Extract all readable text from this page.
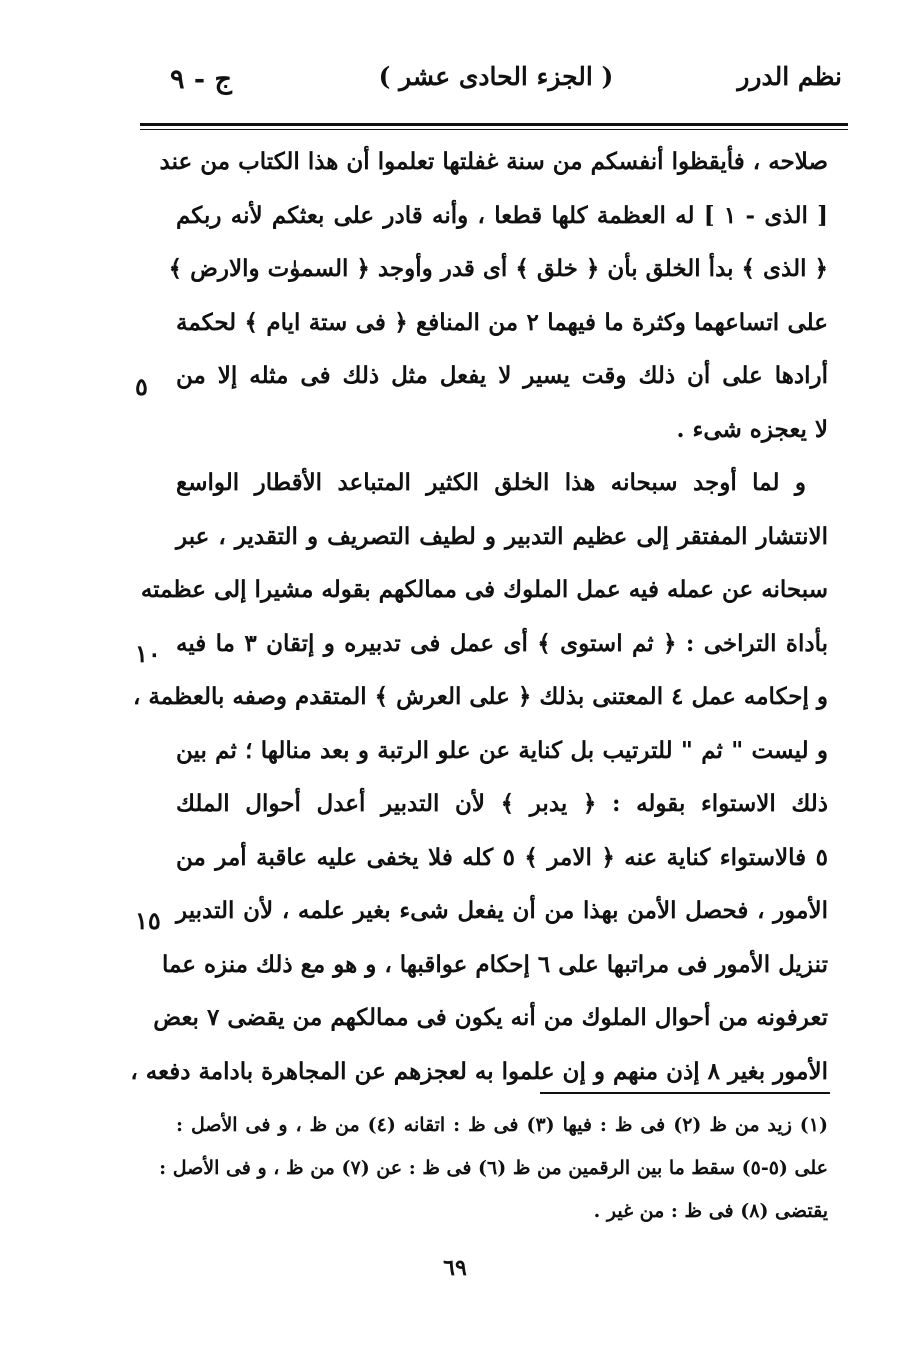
نظم الدرر
( الجزء الحادى عشر )
ج - ٩
صلاحه ، فأيقظوا أنفسكم من سنة غفلتها تعلموا أن هذا الكتاب من عند
[ الذى - ١ ] له العظمة كلها قطعا ، وأنه قادر على بعثكم لأنه ربكم
﴿ الذى ﴾ بدأ الخلق بأن ﴿ خلق ﴾ أى قدر وأوجد ﴿ السموٰت والارض ﴾
على اتساعهما وكثرة ما فيهما ٢ من المنافع ﴿ فى ستة ايام ﴾ لحكمة
أرادها على أن ذلك وقت يسير لا يفعل مثل ذلك فى مثله إلا من
لا يعجزه شىء .
و لما أوجد سبحانه هذا الخلق الكثير المتباعد الأقطار الواسع
الانتشار المفتقر إلى عظيم التدبير و لطيف التصريف و التقدير ، عبر
سبحانه عن عمله فيه عمل الملوك فى ممالكهم بقوله مشيرا إلى عظمته
بأداة التراخى : ﴿ ثم استوى ﴾ أى عمل فى تدبيره و إتقان ٣ ما فيه
و إحكامه عمل ٤ المعتنى بذلك ﴿ على العرش ﴾ المتقدم وصفه بالعظمة ،
و ليست " ثم " للترتيب بل كناية عن علو الرتبة و بعد منالها ؛ ثم بين
ذلك الاستواء بقوله : ﴿ يدبر ﴾ لأن التدبير أعدل أحوال الملك
٥ فالاستواء كناية عنه ﴿ الامر ﴾ ٥ كله فلا يخفى عليه عاقبة أمر من
الأمور ، فحصل الأمن بهذا من أن يفعل شىء بغير علمه ، لأن التدبير
تنزيل الأمور فى مراتبها على ٦ إحكام عواقبها ، و هو مع ذلك منزه عما
تعرفونه من أحوال الملوك من أنه يكون فى ممالكهم من يقضى ٧ بعض
الأمور بغير ٨ إذن منهم و إن علموا به لعجزهم عن المجاهرة بادامة دفعه ،
٥
١٠
١٥
(١) زيد من ظ (٢) فى ظ : فيها (٣) فى ظ : اتقانه (٤) من ظ ، و فى الأصل :
على (٥-٥) سقط ما بين الرقمين من ظ (٦) فى ظ : عن (٧) من ظ ، و فى الأصل :
يقتضى (٨) فى ظ : من غير .
٦٩
